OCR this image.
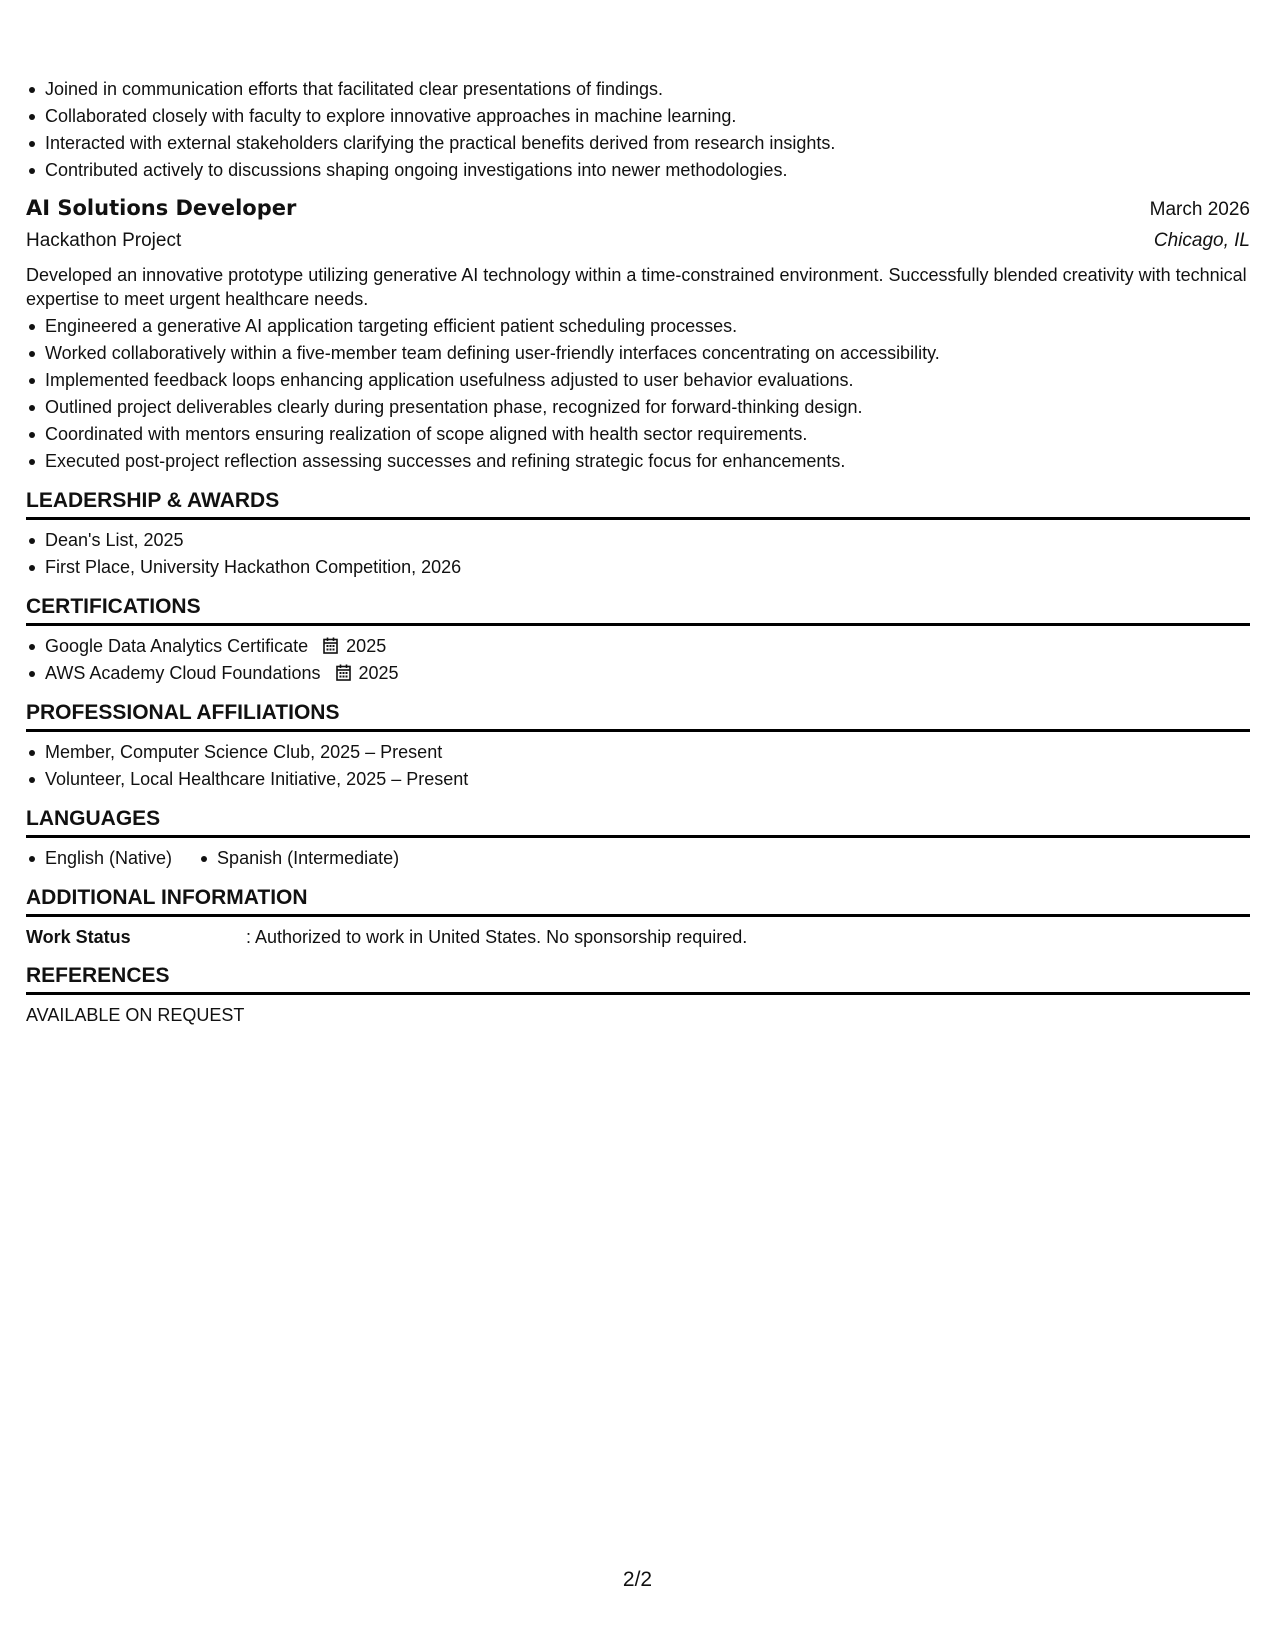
Joined in communication efforts that facilitated clear presentations of findings.
Collaborated closely with faculty to explore innovative approaches in machine learning.
Interacted with external stakeholders clarifying the practical benefits derived from research insights.
Contributed actively to discussions shaping ongoing investigations into newer methodologies.
AI Solutions Developer	March 2026
Hackathon Project	Chicago, IL
Developed an innovative prototype utilizing generative AI technology within a time-constrained environment. Successfully blended creativity with technical expertise to meet urgent healthcare needs.
Engineered a generative AI application targeting efficient patient scheduling processes.
Worked collaboratively within a five-member team defining user-friendly interfaces concentrating on accessibility.
Implemented feedback loops enhancing application usefulness adjusted to user behavior evaluations.
Outlined project deliverables clearly during presentation phase, recognized for forward-thinking design.
Coordinated with mentors ensuring realization of scope aligned with health sector requirements.
Executed post-project reflection assessing successes and refining strategic focus for enhancements.
LEADERSHIP & AWARDS
Dean's List, 2025
First Place, University Hackathon Competition, 2026
CERTIFICATIONS
Google Data Analytics Certificate 2025
AWS Academy Cloud Foundations 2025
PROFESSIONAL AFFILIATIONS
Member, Computer Science Club, 2025 – Present
Volunteer, Local Healthcare Initiative, 2025 – Present
LANGUAGES
English (Native)	Spanish (Intermediate)
ADDITIONAL INFORMATION
Work Status	: Authorized to work in United States. No sponsorship required.
REFERENCES
AVAILABLE ON REQUEST
2/2
